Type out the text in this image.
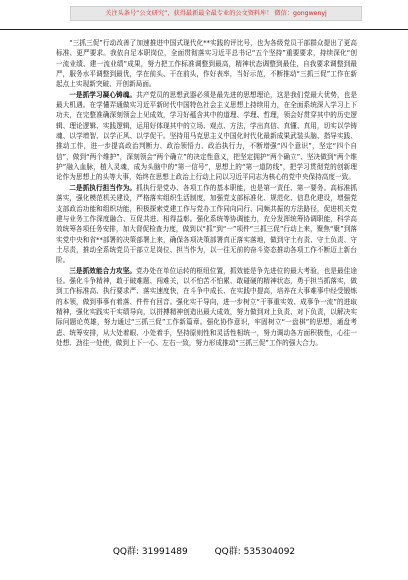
关注头条号“公文研究”，获得最新最全最专业的公文资料库！ 微信：gongwenyj

“三抓三促”行动改善了加速推进中国式现代化**实践的评比号，也为各级党员干部群众提出了更高标准、更严要求。我依自足本职岗位，全面贯彻落实习近平总书记“五个坚持”重要要求，持续深化“创一流业绩、建一流业绩”成果，努力把工作标准调整到最高，精神状态调整到最佳，自我要求调整到最严，服务水平调整到最优，学在前头、干在前头，作好表率，当好示范，不断推动“三抓三促”工作在新起点上实现新突破、开创新局面。

一是抓学习凝心铸魂。共产党员的思想武器必须是最先进的思想理论，这是我们党最大优势，也是最大机遇。在学懂弄通做实习近平新时代中国特色社会主义思想上持续用力，在全面系统深入学习上下功夫，在完整准确深刻领会上见成效，学习好蕴含其中的道理、学理、哲理，领会好贯穿其中的历史逻辑、理论逻辑、实践逻辑，运用好体现其中的立场、观点、方法，学出真信、真懂、真用，切实以学铸魂、以学增智、以学正风、以学促干。坚持用马克思主义中国化时代化最新成果武装头脑、指导实践、推动工作，进一步提高政治判断力、政治领悟力、政治执行力，不断增强“四个意识”，坚定“四个自信”，做到“两个维护”，深刻领会“两个确立”的决定性意义，把坚定拥护“两个确立”、坚决做到“两个维护”融入血脉，植入灵魂，成为头脑中的“第一信号”，思想上的“第一道防线”，把学习贯彻党的创新理论作为思想上的头等大事，始终在思想上政治上行动上同以习近平同志为核心的党中央保持高度一致。

二是抓执行担当作为。抓执行是党办、各项工作的基本职能，也是第一责任、第一要务。高标准抓落实，强化模范机关建设，严格落实组织生活制度，加强党支部标准化、规范化、信息化建设，增强党支部政治功能和组织功能，积极探索党建工作与党办工作同向同行、同频共振的方法路径，促进机关党建与业务工作深度融合、互促共进、相得益彰。强化系统等协调能力，充分发挥统筹协调职能，科学高效统筹各项任务安排，加大督促检查力度，做到以“抓”到“一”项件“三抓三促”行动上来，聚焦“聚”到落实党中央和省**部署的决策部署上来，确保各项决策部署真正落实落地，做到守土有责、守土负责、守土尽责，推动全系统党员干部立足岗位、担当作为，以一往无前的奋斗姿态推动各项工作不断迈上新台阶。

三是抓效能合力攻坚。党办处在单位运转的枢纽位置，抓效能是争先进位的最大考验，也是最佳途径。强化斗争精神，敢于破难题、闯难关，以不怕苦不怕累、敢碰硬的精神状态，勇于担当抓落实，做到工作标准高、执行要求严、落实速度快，在斗争中成长、在实践中提高，培养在大事难事中经受锻炼的本领，做到事事有着落、件件有回音。强化实干导向，进一步树立“干事重实效、成事争一流”的进取精神，强化实践实干实绩导向，以拼搏精神创造出最大成效，努力做到对上负责、对下负责，以解决实际问题论英雄，努力通过“三抓三促”工作新篇章。强化协作意识，牢固树立“一盘棋”的思想，通盘考虑、统筹安排，从大处着眼、小处着手，坚持原则性和灵活性相统一，努力调动各方面积极性，心往一处想、劲往一处使，做到上下一心、左右一致，努力形成推动“三抓三促”工作的强大合力。

QQ群: 31991489	QQ群: 535304092
